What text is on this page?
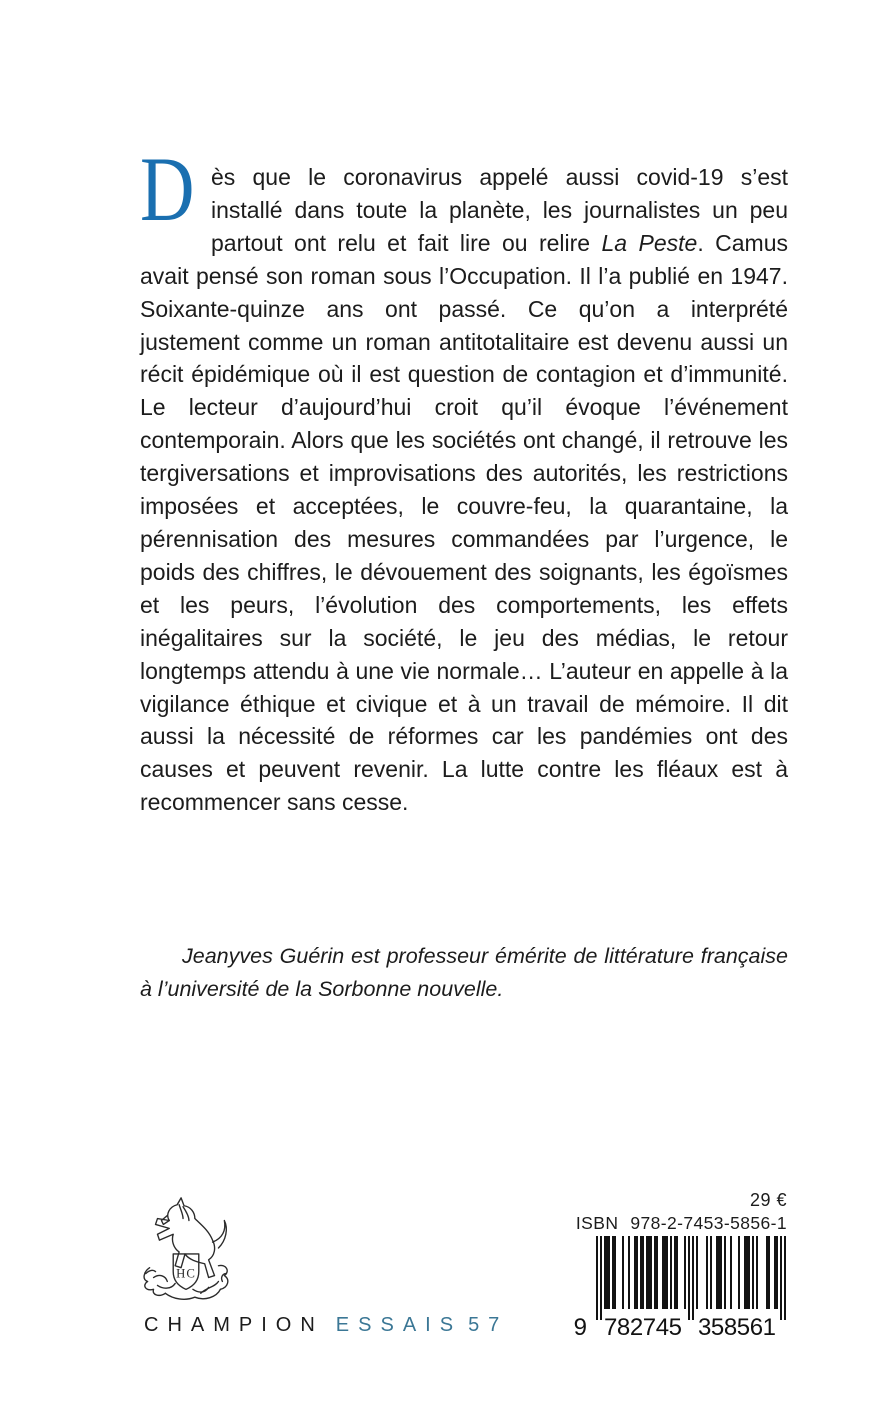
D ès que le coronavirus appelé aussi covid-19 s’est installé dans toute la planète, les journalistes un peu partout ont relu et fait lire ou relire La Peste. Camus avait pensé son roman sous l’Occupation. Il l’a publié en 1947. Soixante-quinze ans ont passé. Ce qu’on a interprété justement comme un roman antitotalitaire est devenu aussi un récit épidémique où il est question de contagion et d’immunité. Le lecteur d’aujourd’hui croit qu’il évoque l’événement contemporain. Alors que les sociétés ont changé, il retrouve les tergiversations et improvisations des autorités, les restrictions imposées et acceptées, le couvre-feu, la quarantaine, la pérennisation des mesures commandées par l’urgence, le poids des chiffres, le dévouement des soignants, les égoïsmes et les peurs, l’évolution des comportements, les effets inégalitaires sur la société, le jeu des médias, le retour longtemps attendu à une vie normale… L’auteur en appelle à la vigilance éthique et civique et à un travail de mémoire. Il dit aussi la nécessité de réformes car les pandémies ont des causes et peuvent revenir. La lutte contre les fléaux est à recommencer sans cesse.

Jeanyves Guérin est professeur émérite de littérature française à l’université de la Sorbonne nouvelle.

HC
CHAMPION ESSAIS 57
29 €
ISBN 978-2-7453-5856-1
9 782745 358561
